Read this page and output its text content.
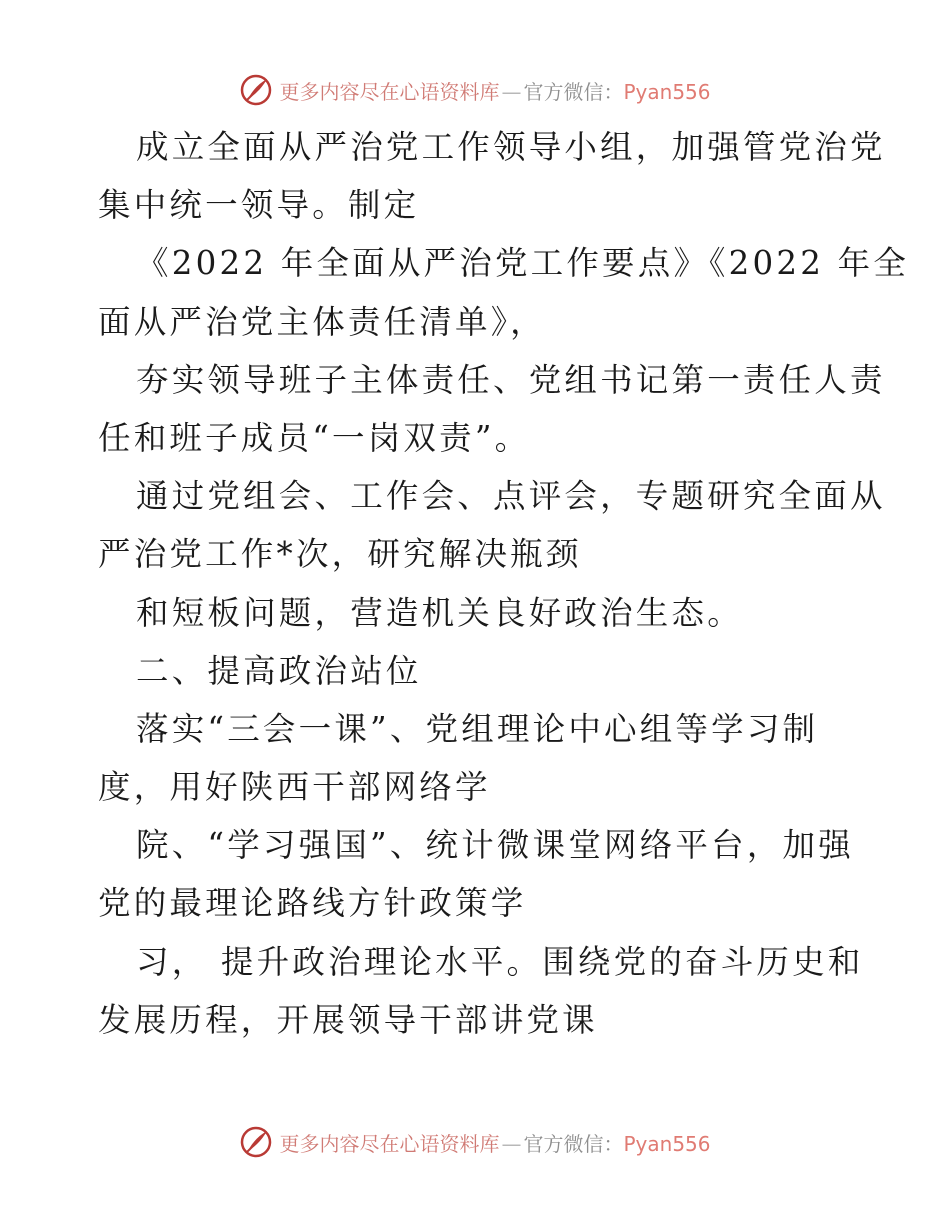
更多内容尽在心语资料库 — 官方微信：Pyan556
成立全面从严治党工作领导小组，加强管党治党
集中统一领导。制定
《2022 年全面从严治党工作要点》《2022 年全
面从严治党主体责任清单》，
夯实领导班子主体责任、党组书记第一责任人责
任和班子成员“一岗双责”。
通过党组会、工作会、点评会，专题研究全面从
严治党工作*次，研究解决瓶颈
和短板问题，营造机关良好政治生态。
二、提高政治站位
落实“三会一课”、党组理论中心组等学习制
度，用好陕西干部网络学
院、“学习强国”、统计微课堂网络平台，加强
党的最理论路线方针政策学
习， 提升政治理论水平。围绕党的奋斗历史和
发展历程，开展领导干部讲党课
更多内容尽在心语资料库 — 官方微信：Pyan556
